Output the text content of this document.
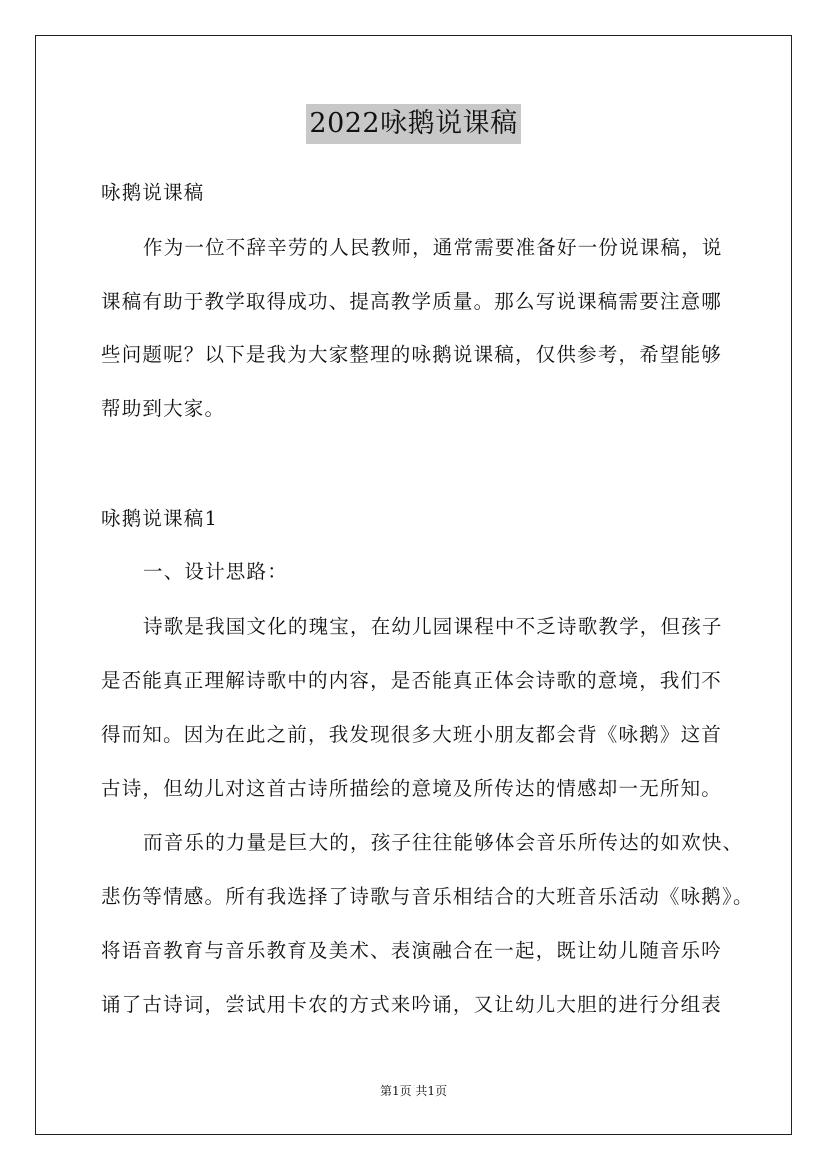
2022咏鹅说课稿
咏鹅说课稿
作为一位不辞辛劳的人民教师，通常需要准备好一份说课稿，说
课稿有助于教学取得成功、提高教学质量。那么写说课稿需要注意哪
些问题呢？以下是我为大家整理的咏鹅说课稿，仅供参考，希望能够
帮助到大家。
咏鹅说课稿1
一、设计思路：
诗歌是我国文化的瑰宝，在幼儿园课程中不乏诗歌教学，但孩子
是否能真正理解诗歌中的内容，是否能真正体会诗歌的意境，我们不
得而知。因为在此之前，我发现很多大班小朋友都会背《咏鹅》这首
古诗，但幼儿对这首古诗所描绘的意境及所传达的情感却一无所知。
而音乐的力量是巨大的，孩子往往能够体会音乐所传达的如欢快、
悲伤等情感。所有我选择了诗歌与音乐相结合的大班音乐活动《咏鹅》。
将语音教育与音乐教育及美术、表演融合在一起，既让幼儿随音乐吟
诵了古诗词，尝试用卡农的方式来吟诵，又让幼儿大胆的进行分组表
第1页 共1页
